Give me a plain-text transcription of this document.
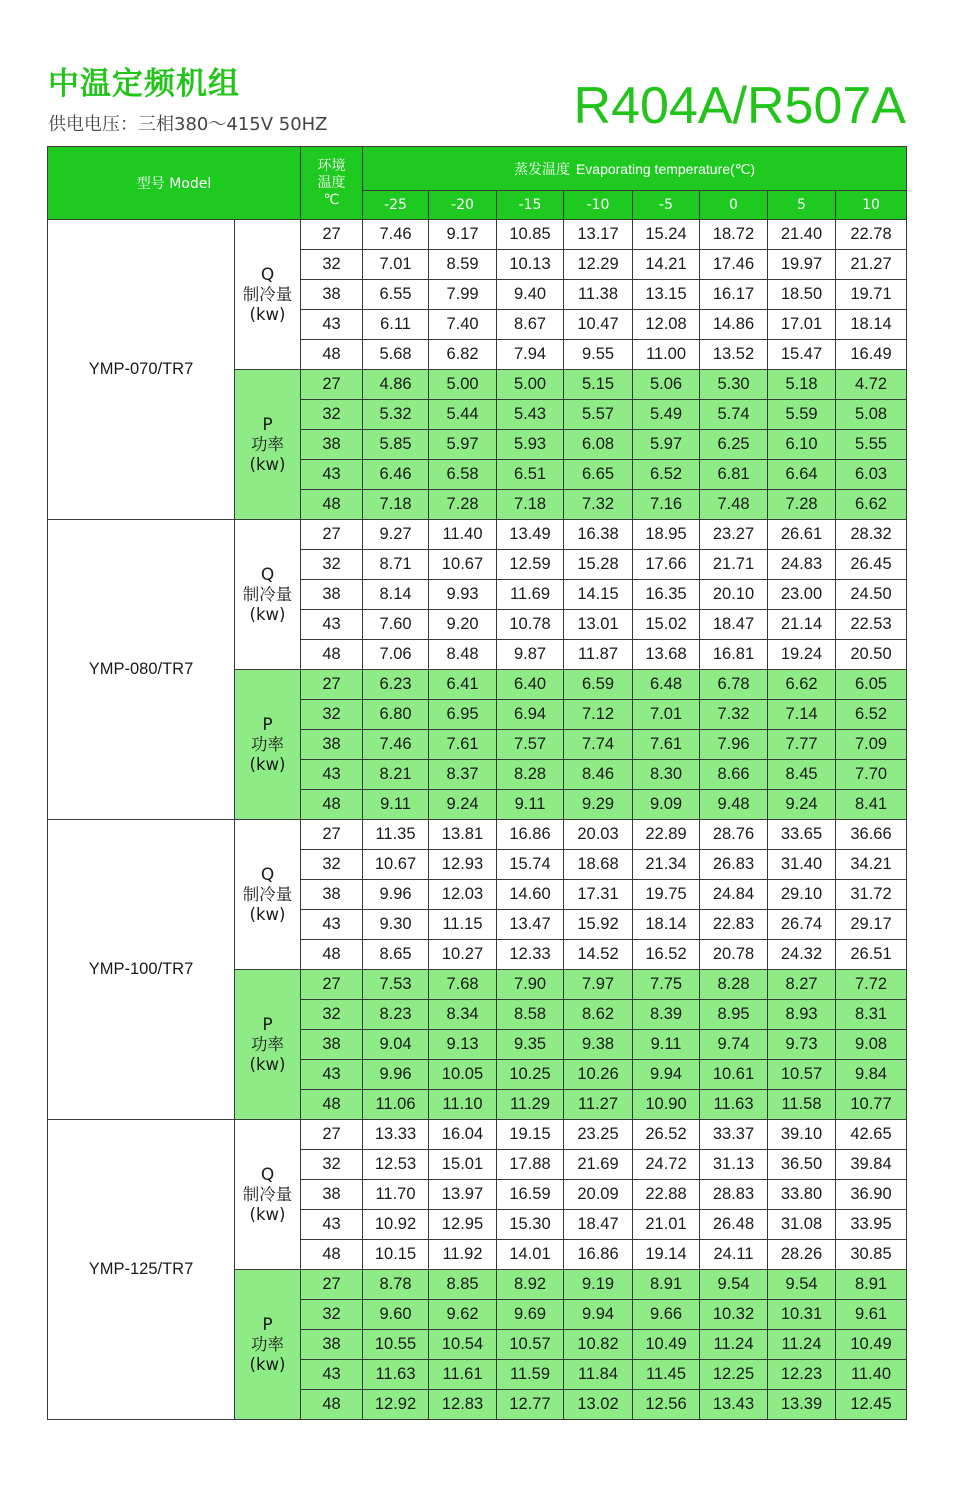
中温定频机组
供电电压：三相380～415V 50HZ	R404A/R507A
型号 Model		环境
温度
℃	蒸发温度 Evaporating temperature(℃)							
			-25	-20	-15	-10	-5	0	5	10
YMP-070/TR7	Q
制冷量
(kw)	27	7.46	9.17	10.85	13.17	15.24	18.72	21.40	22.78
		32	7.01	8.59	10.13	12.29	14.21	17.46	19.97	21.27
		38	6.55	7.99	9.40	11.38	13.15	16.17	18.50	19.71
		43	6.11	7.40	8.67	10.47	12.08	14.86	17.01	18.14
		48	5.68	6.82	7.94	9.55	11.00	13.52	15.47	16.49

	P
功率
(kw)	27	4.86	5.00	5.00	5.15	5.06	5.30	5.18	4.72
		32	5.32	5.44	5.43	5.57	5.49	5.74	5.59	5.08
		38	5.85	5.97	5.93	6.08	5.97	6.25	6.10	5.55
		43	6.46	6.58	6.51	6.65	6.52	6.81	6.64	6.03
		48	7.18	7.28	7.18	7.32	7.16	7.48	7.28	6.62
YMP-080/TR7	Q
制冷量
(kw)	27	9.27	11.40	13.49	16.38	18.95	23.27	26.61	28.32
		32	8.71	10.67	12.59	15.28	17.66	21.71	24.83	26.45
		38	8.14	9.93	11.69	14.15	16.35	20.10	23.00	24.50
		43	7.60	9.20	10.78	13.01	15.02	18.47	21.14	22.53
		48	7.06	8.48	9.87	11.87	13.68	16.81	19.24	20.50

	P
功率
(kw)	27	6.23	6.41	6.40	6.59	6.48	6.78	6.62	6.05
		32	6.80	6.95	6.94	7.12	7.01	7.32	7.14	6.52
		38	7.46	7.61	7.57	7.74	7.61	7.96	7.77	7.09
		43	8.21	8.37	8.28	8.46	8.30	8.66	8.45	7.70
		48	9.11	9.24	9.11	9.29	9.09	9.48	9.24	8.41
YMP-100/TR7	Q
制冷量
(kw)	27	11.35	13.81	16.86	20.03	22.89	28.76	33.65	36.66
		32	10.67	12.93	15.74	18.68	21.34	26.83	31.40	34.21
		38	9.96	12.03	14.60	17.31	19.75	24.84	29.10	31.72
		43	9.30	11.15	13.47	15.92	18.14	22.83	26.74	29.17
		48	8.65	10.27	12.33	14.52	16.52	20.78	24.32	26.51

	P
功率
(kw)	27	7.53	7.68	7.90	7.97	7.75	8.28	8.27	7.72
		32	8.23	8.34	8.58	8.62	8.39	8.95	8.93	8.31
		38	9.04	9.13	9.35	9.38	9.11	9.74	9.73	9.08
		43	9.96	10.05	10.25	10.26	9.94	10.61	10.57	9.84
		48	11.06	11.10	11.29	11.27	10.90	11.63	11.58	10.77
YMP-125/TR7	Q
制冷量
(kw)	27	13.33	16.04	19.15	23.25	26.52	33.37	39.10	42.65
		32	12.53	15.01	17.88	21.69	24.72	31.13	36.50	39.84
		38	11.70	13.97	16.59	20.09	22.88	28.83	33.80	36.90
		43	10.92	12.95	15.30	18.47	21.01	26.48	31.08	33.95
		48	10.15	11.92	14.01	16.86	19.14	24.11	28.26	30.85

	P
功率
(kw)	27	8.78	8.85	8.92	9.19	8.91	9.54	9.54	8.91
		32	9.60	9.62	9.69	9.94	9.66	10.32	10.31	9.61
		38	10.55	10.54	10.57	10.82	10.49	11.24	11.24	10.49
		43	11.63	11.61	11.59	11.84	11.45	12.25	12.23	11.40
		48	12.92	12.83	12.77	13.02	12.56	13.43	13.39	12.45
